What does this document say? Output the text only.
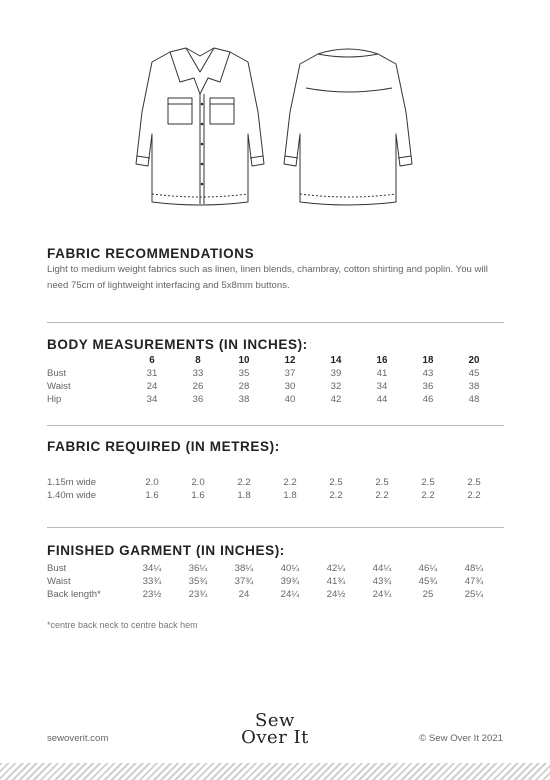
FABRIC RECOMMENDATIONS
Light to medium weight fabrics such as linen, linen blends, chambray, cotton shirting and poplin. You will need 75cm of lightweight interfacing and 5x8mm buttons.
BODY MEASUREMENTS (IN INCHES):
	6	8	10	12	14	16	18	20
Bust	31	33	35	37	39	41	43	45
Waist	24	26	28	30	32	34	36	38
Hip	34	36	38	40	42	44	46	48
FABRIC REQUIRED (IN METRES):
1.15m wide	2.0	2.0	2.2	2.2	2.5	2.5	2.5	2.5
1.40m wide	1.6	1.6	1.8	1.8	2.2	2.2	2.2	2.2
FINISHED GARMENT (IN INCHES):
Bust	34¼	36¼	38¼	40¼	42¼	44¼	46¼	48¼
Waist	33¾	35¾	37¾	39¾	41¾	43¾	45¾	47¾
Back length*	23½	23¾	24	24¼	24½	24¾	25	25¼
*centre back neck to centre back hem
sewoverit.com
Sew
Over It	© Sew Over It 2021
